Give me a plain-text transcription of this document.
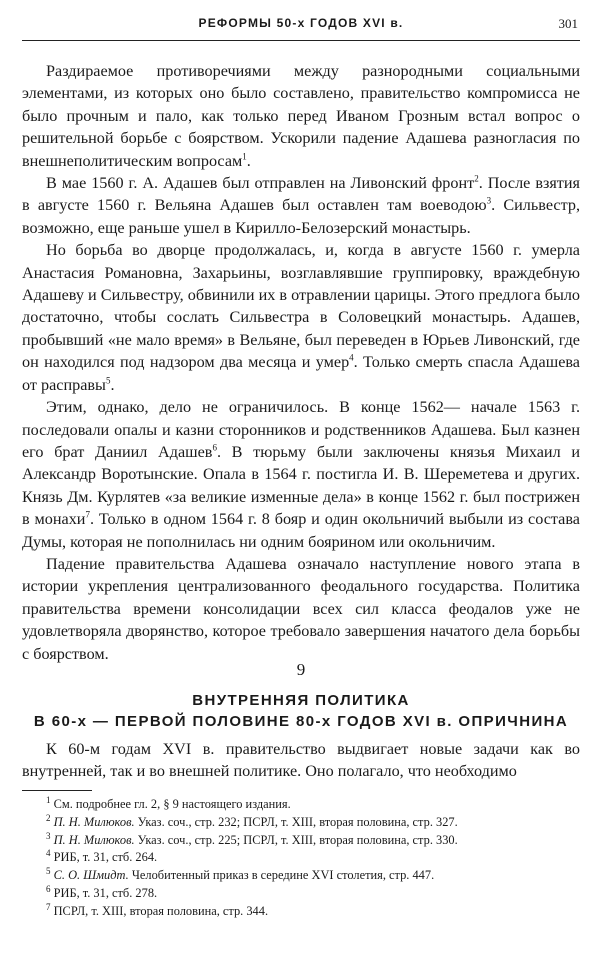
РЕФОРМЫ 50-х ГОДОВ XVI в.	301

Раздираемое противоречиями между разнородными социальными элементами, из которых оно было составлено, правительство компромисса не было прочным и пало, как только перед Иваном Грозным встал вопрос о решительной борьбе с боярством. Ускорили падение Адашева разногласия по внешнеполитическим вопросам$^1$.

В мае 1560 г. А. Адашев был отправлен на Ливонский фронт$^2$. После взятия в августе 1560 г. Вельяна Адашев был оставлен там воеводою$^3$. Сильвестр, возможно, еще раньше ушел в Кирилло-Белозерский монастырь.

Но борьба во дворце продолжалась, и, когда в августе 1560 г. умерла Анастасия Романовна, Захарьины, возглавлявшие группировку, враждебную Адашеву и Сильвестру, обвинили их в отравлении царицы. Этого предлога было достаточно, чтобы сослать Сильвестра в Соловецкий монастырь. Адашев, пробывший «не мало время» в Вельяне, был переведен в Юрьев Ливонский, где он находился под надзором два месяца и умер$^4$. Только смерть спасла Адашева от расправы$^5$.

Этим, однако, дело не ограничилось. В конце 1562— начале 1563 г. последовали опалы и казни сторонников и родственников Адашева. Был казнен его брат Даниил Адашев$^6$. В тюрьму были заключены князья Михаил и Александр Воротынские. Опала в 1564 г. постигла И. В. Шереметева и других. Князь Дм. Курлятев «за великие изменные дела» в конце 1562 г. был пострижен в монахи$^7$. Только в одном 1564 г. 8 бояр и один окольничий выбыли из состава Думы, которая не пополнилась ни одним боярином или окольничим.

Падение правительства Адашева означало наступление нового этапа в истории укрепления централизованного феодального государства. Политика правительства времени консолидации всех сил класса феодалов уже не удовлетворяла дворянство, которое требовало завершения начатого дела борьбы с боярством.

9
ВНУТРЕННЯЯ ПОЛИТИКА
В 60-х — ПЕРВОЙ ПОЛОВИНЕ 80-х ГОДОВ XVI в. ОПРИЧНИНА

К 60-м годам XVI в. правительство выдвигает новые задачи как во внутренней, так и во внешней политике. Оно полагало, что необходимо

$^1$ См. подробнее гл. 2, § 9 настоящего издания.

$^2$ П. Н. Милюков. Указ. соч., стр. 232; ПСРЛ, т. XIII, вторая половина, стр. 327.

$^3$ П. Н. Милюков. Указ. соч., стр. 225; ПСРЛ, т. XIII, вторая половина, стр. 330.

$^4$ РИБ, т. 31, стб. 264.

$^5$ С. О. Шмидт. Челобитенный приказ в середине XVI столетия, стр. 447.

$^6$ РИБ, т. 31, стб. 278.

$^7$ ПСРЛ, т. XIII, вторая половина, стр. 344.
